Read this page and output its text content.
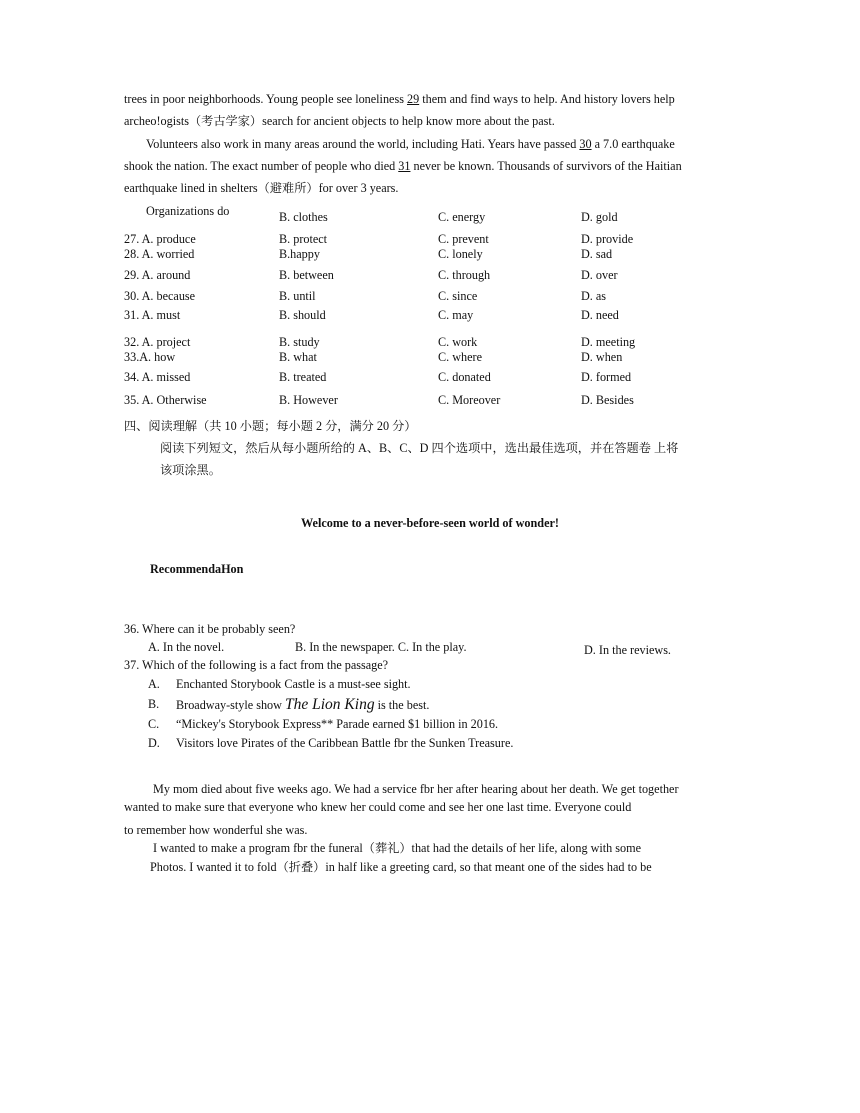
trees in poor neighborhoods. Young people see loneliness 29 them and find ways to help. And history lovers help
archeo!ogists（考古学家）search for ancient objects to help know more about the past.
Volunteers also work in many areas around the world, including Hati. Years have passed 30 a 7.0 earthquake
shook the nation. The exact number of people who died 31 never be known. Thousands of survivors of the Haitian
earthquake lined in shelters（避难所）for over 3 years.
Organizations do	B. clothes	C. energy	D. gold
27. A. produce	B. protect	C. prevent	D. provide
28. A. worried	B.happy	C. lonely	D. sad
29. A. around	B. between	C. through	D. over
30. A. because	B. until	C. since	D. as
31. A. must	B. should	C. may	D. need
32. A. project	B. study	C. work	D. meeting
33.A. how	B. what	C. where	D. when
34. A. missed	B. treated	C. donated	D. formed
35. A. Otherwise	B. However	C. Moreover	D. Besides
四、阅读理解（共 10 小题；每小题 2 分，满分 20 分）
阅读下列短文，然后从每小题所给的 A、B、C、D 四个选项中，选出最佳选项，并在答题卷 上将
该项涂黑。
Welcome to a never-before-seen world of wonder!
RecommendaHon
36. Where can it be probably seen?
A. In the novel.	B. In the newspaper. C. In the play.	D. In the reviews.
37. Which of the following is a fact from the passage?
A. Enchanted Storybook Castle is a must-see sight.
B. Broadway-style show The Lion King is the best.
C. “Mickey's Storybook Express** Parade earned $1 billion in 2016.
D. Visitors love Pirates of the Caribbean Battle fbr the Sunken Treasure.
My mom died about five weeks ago. We had a service fbr her after hearing about her death. We get together
wanted to make sure that everyone who knew her could come and see her one last time. Everyone could
to remember how wonderful she was.
I wanted to make a program fbr the funeral（葬礼）that had the details of her life, along with some
Photos. I wanted it to fold（折叠）in half like a greeting card, so that meant one of the sides had to be
